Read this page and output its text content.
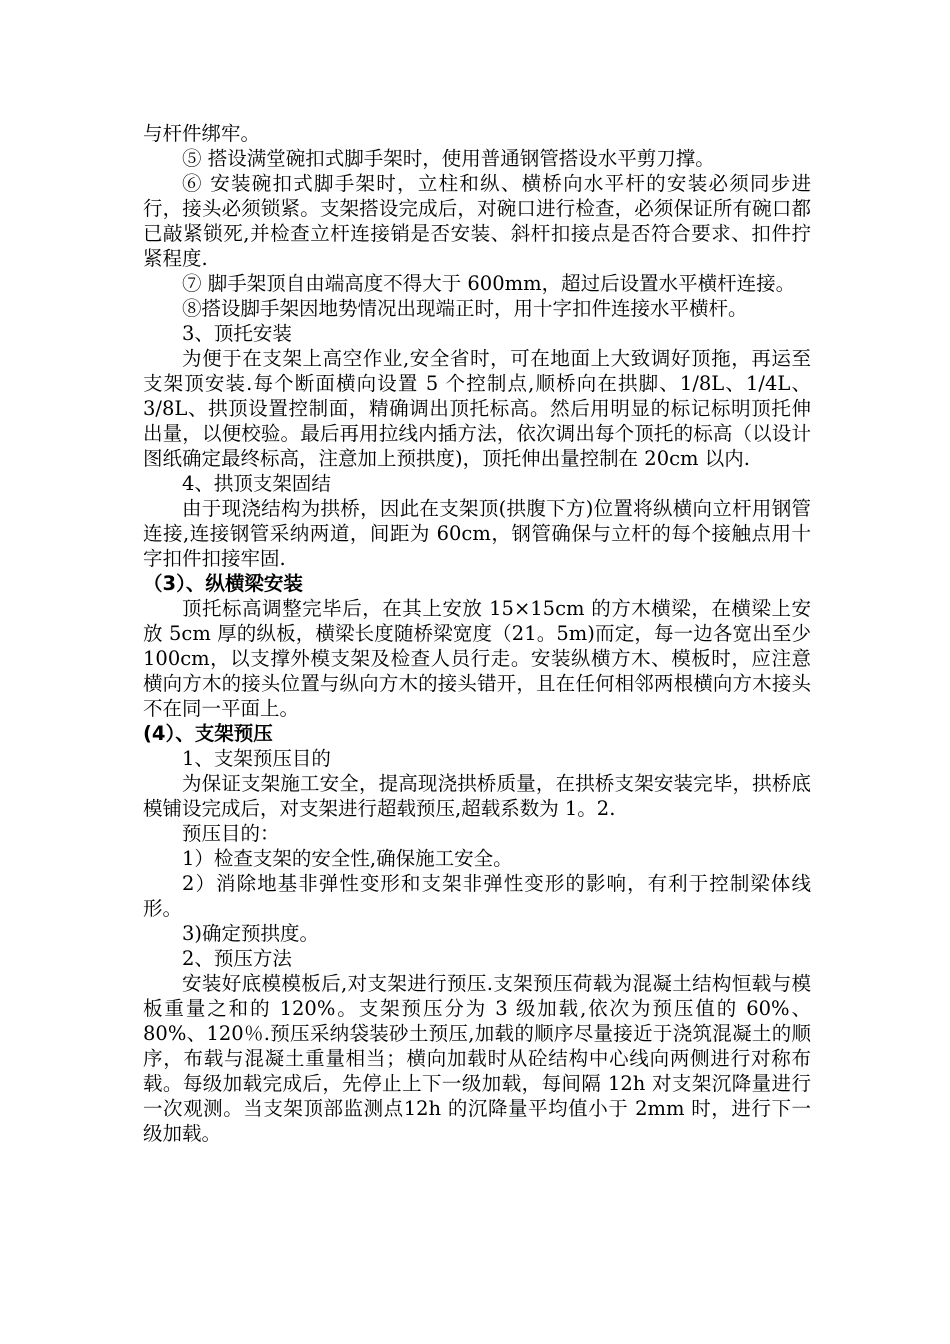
与杆件绑牢。

⑤ 搭设满堂碗扣式脚手架时，使用普通钢管搭设水平剪刀撑。

⑥ 安装碗扣式脚手架时，立柱和纵、横桥向水平杆的安装必须同步进行，接头必须锁紧。支架搭设完成后，对碗口进行检查，必须保证所有碗口都已敲紧锁死,并检查立杆连接销是否安装、斜杆扣接点是否符合要求、扣件拧紧程度.

⑦ 脚手架顶自由端高度不得大于 600mm，超过后设置水平横杆连接。

⑧搭设脚手架因地势情况出现端正时，用十字扣件连接水平横杆。

3、顶托安装

为便于在支架上高空作业,安全省时，可在地面上大致调好顶拖，再运至支架顶安装.每个断面横向设置 5 个控制点,顺桥向在拱脚、1/8L、1/4L、3/8L、拱顶设置控制面，精确调出顶托标高。然后用明显的标记标明顶托伸出量，以便校验。最后再用拉线内插方法，依次调出每个顶托的标高（以设计图纸确定最终标高，注意加上预拱度)，顶托伸出量控制在 20cm 以内.

4、拱顶支架固结

由于现浇结构为拱桥，因此在支架顶(拱腹下方)位置将纵横向立杆用钢管连接,连接钢管采纳两道，间距为 60cm，钢管确保与立杆的每个接触点用十字扣件扣接牢固.

（3）、纵横梁安装

顶托标高调整完毕后，在其上安放 15×15cm 的方木横梁，在横梁上安放 5cm 厚的纵板，横梁长度随桥梁宽度（21。5m)而定，每一边各宽出至少 100cm，以支撑外模支架及检查人员行走。安装纵横方木、模板时，应注意横向方木的接头位置与纵向方木的接头错开，且在任何相邻两根横向方木接头不在同一平面上。

(4）、支架预压

1、支架预压目的

为保证支架施工安全，提高现浇拱桥质量，在拱桥支架安装完毕，拱桥底模铺设完成后，对支架进行超载预压,超载系数为 1。2.

预压目的：

1）检查支架的安全性,确保施工安全。

2）消除地基非弹性变形和支架非弹性变形的影响，有利于控制梁体线形。

3)确定预拱度。

2、预压方法

安装好底模模板后,对支架进行预压.支架预压荷载为混凝土结构恒载与模板重量之和的 120%。支架预压分为 3 级加载,依次为预压值的 60%、80%、120％.预压采纳袋装砂土预压,加载的顺序尽量接近于浇筑混凝土的顺序，布载与混凝土重量相当；横向加载时从砼结构中心线向两侧进行对称布载。每级加载完成后，先停止上下一级加载，每间隔 12h 对支架沉降量进行一次观测。当支架顶部监测点12h 的沉降量平均值小于 2mm 时，进行下一级加载。
